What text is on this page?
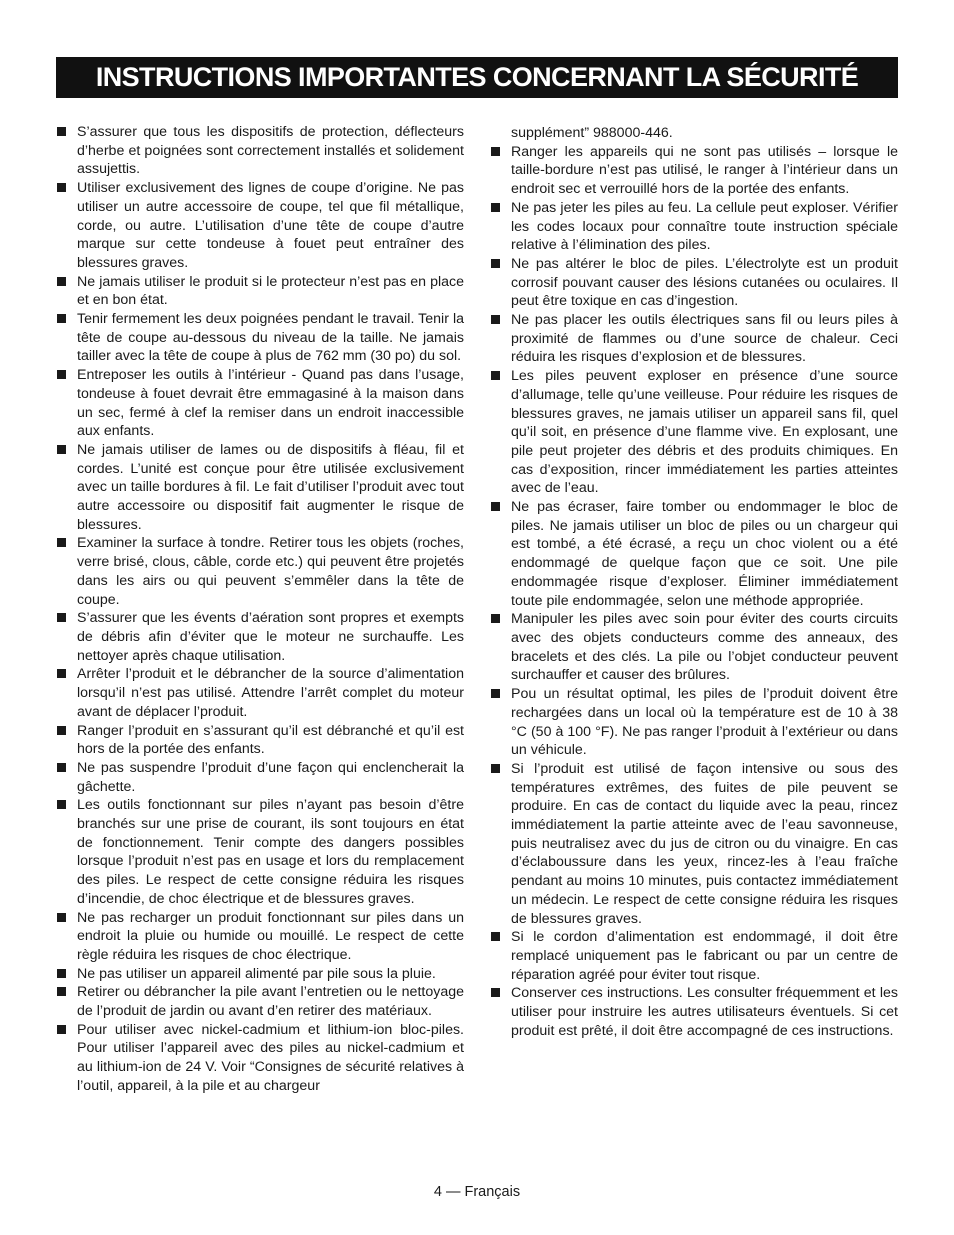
INSTRUCTIONS IMPORTANTES CONCERNANT LA SÉCURITÉ
S’assurer que tous les dispositifs de protection, déflecteurs d’herbe et poignées sont correctement installés et solidement assujettis.
Utiliser exclusivement des lignes de coupe d’origine. Ne pas utiliser un autre accessoire de coupe, tel que fil métallique, corde, ou autre. L’utilisation d’une tête de coupe d’autre marque sur cette tondeuse à fouet peut entraîner des blessures graves.
Ne jamais utiliser le produit si le protecteur n’est pas en place et en bon état.
Tenir fermement les deux poignées pendant le travail. Tenir la tête de coupe au-dessous du niveau de la taille. Ne jamais tailler avec la tête de coupe à plus de 762 mm (30 po) du sol.
Entreposer les outils à l’intérieur - Quand pas dans l’usage, tondeuse à fouet devrait être emmagasiné à la maison dans un sec, fermé à clef la remiser dans un endroit inaccessible aux enfants.
Ne jamais utiliser de lames ou de dispositifs à fléau, fil et cordes. L’unité est conçue pour être utilisée exclusivement avec un taille bordures à fil. Le fait d’utiliser l’produit avec tout autre accessoire ou dispositif fait augmenter le risque de blessures.
Examiner la surface à tondre. Retirer tous les objets (roches, verre brisé, clous, câble, corde etc.) qui peuvent être projetés dans les airs ou qui peuvent s’emmêler dans la tête de coupe.
S’assurer que les évents d’aération sont propres et exempts de débris afin d’éviter que le moteur ne surchauffe. Les nettoyer après chaque utilisation.
Arrêter l’produit et le débrancher de la source d’alimentation lorsqu’il n’est pas utilisé. Attendre l’arrêt complet du moteur avant de déplacer l’produit.
Ranger l’produit en s’assurant qu’il est débranché et qu’il est hors de la portée des enfants.
Ne pas suspendre l’produit d’une façon qui enclencherait la gâchette.
Les outils fonctionnant sur piles n’ayant pas besoin d’être branchés sur une prise de courant, ils sont toujours en état de fonctionnement. Tenir compte des dangers possibles lorsque l’produit n’est pas en usage et lors du remplacement des piles. Le respect de cette consigne réduira les risques d’incendie, de choc électrique et de blessures graves.
Ne pas recharger un produit fonctionnant sur piles dans un endroit la pluie ou humide ou mouillé. Le respect de cette règle réduira les risques de choc électrique.
Ne pas utiliser un appareil alimenté par pile sous la pluie.
Retirer ou débrancher la pile avant l’entretien ou le nettoyage de l’produit de jardin ou avant d’en retirer des matériaux.
Pour utiliser avec nickel-cadmium et lithium-ion bloc-piles. Pour utiliser l’appareil avec des piles au nickel-cadmium et au lithium-ion de 24 V. Voir “Consignes de sécurité relatives à l’outil, appareil, à la pile et au chargeur
supplément” 988000-446.
Ranger les appareils qui ne sont pas utilisés – lorsque le taille-bordure n’est pas utilisé, le ranger à l’intérieur dans un endroit sec et verrouillé hors de la portée des enfants.
Ne pas jeter les piles au feu. La cellule peut exploser. Vérifier les codes locaux pour connaître toute instruction spéciale relative à l’élimination des piles.
Ne pas altérer le bloc de piles. L’électrolyte est un produit corrosif pouvant causer des lésions cutanées ou oculaires. Il peut être toxique en cas d’ingestion.
Ne pas placer les outils électriques sans fil ou leurs piles à proximité de flammes ou d’une source de chaleur. Ceci réduira les risques d’explosion et de blessures.
Les piles peuvent exploser en présence d’une source d’allumage, telle qu’une veilleuse. Pour réduire les risques de blessures graves, ne jamais utiliser un appareil sans fil, quel qu’il soit, en présence d’une flamme vive. En explosant, une pile peut projeter des débris et des produits chimiques. En cas d’exposition, rincer immédiatement les parties atteintes avec de l’eau.
Ne pas écraser, faire tomber ou endommager le bloc de piles. Ne jamais utiliser un bloc de piles ou un chargeur qui est tombé, a été écrasé, a reçu un choc violent ou a été endommagé de quelque façon que ce soit. Une pile endommagée risque d’exploser. Éliminer immédiatement toute pile endommagée, selon une méthode appropriée.
Manipuler les piles avec soin pour éviter des courts circuits avec des objets conducteurs comme des anneaux, des bracelets et des clés. La pile ou l’objet conducteur peuvent surchauffer et causer des brûlures.
Pou un résultat optimal, les piles de l’produit doivent être rechargées dans un local où la température est de 10 à 38 °C (50 à 100 °F). Ne pas ranger l’produit à l’extérieur ou dans un véhicule.
Si l’produit est utilisé de façon intensive ou sous des températures extrêmes, des fuites de pile peuvent se produire. En cas de contact du liquide avec la peau, rincez immédiatement la partie atteinte avec de l’eau savonneuse, puis neutralisez avec du jus de citron ou du vinaigre. En cas d’éclaboussure dans les yeux, rincez-les à l’eau fraîche pendant au moins 10 minutes, puis contactez immédiatement un médecin. Le respect de cette consigne réduira les risques de blessures graves.
Si le cordon d’alimentation est endommagé, il doit être remplacé uniquement pas le fabricant ou par un centre de réparation agréé pour éviter tout risque.
Conserver ces instructions. Les consulter fréquemment et les utiliser pour instruire les autres utilisateurs éventuels. Si cet produit est prêté, il doit être accompagné de ces instructions.
4 — Français
